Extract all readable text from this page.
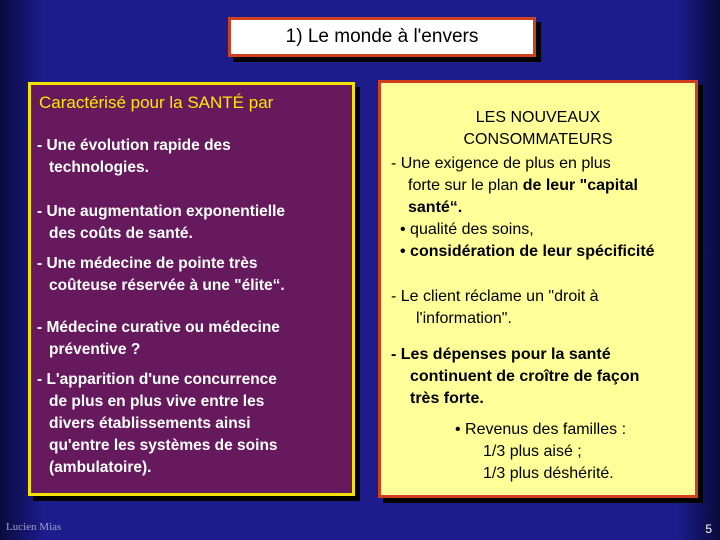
1) Le monde à l'envers
Caractérisé pour la SANTÉ par
- Une évolution rapide des
technologies.
- Une augmentation exponentielle
des coûts de santé.
- Une médecine de pointe très
coûteuse réservée à une "élite“.
- Médecine curative ou médecine
préventive ?
- L'apparition d'une concurrence
de plus en plus vive entre les
divers établissements ainsi
qu'entre les systèmes de soins
(ambulatoire).
LES NOUVEAUX
CONSOMMATEURS
- Une exigence de plus en plus
forte sur le plan de leur "capital
santé“.
• qualité des soins,
• considération de leur spécificité
- Le client réclame un "droit à
l'information".
- Les dépenses pour la santé
continuent de croître de façon
très forte.
• Revenus des familles :
1/3 plus aisé ;
1/3 plus déshérité.
Lucien Mias	5
